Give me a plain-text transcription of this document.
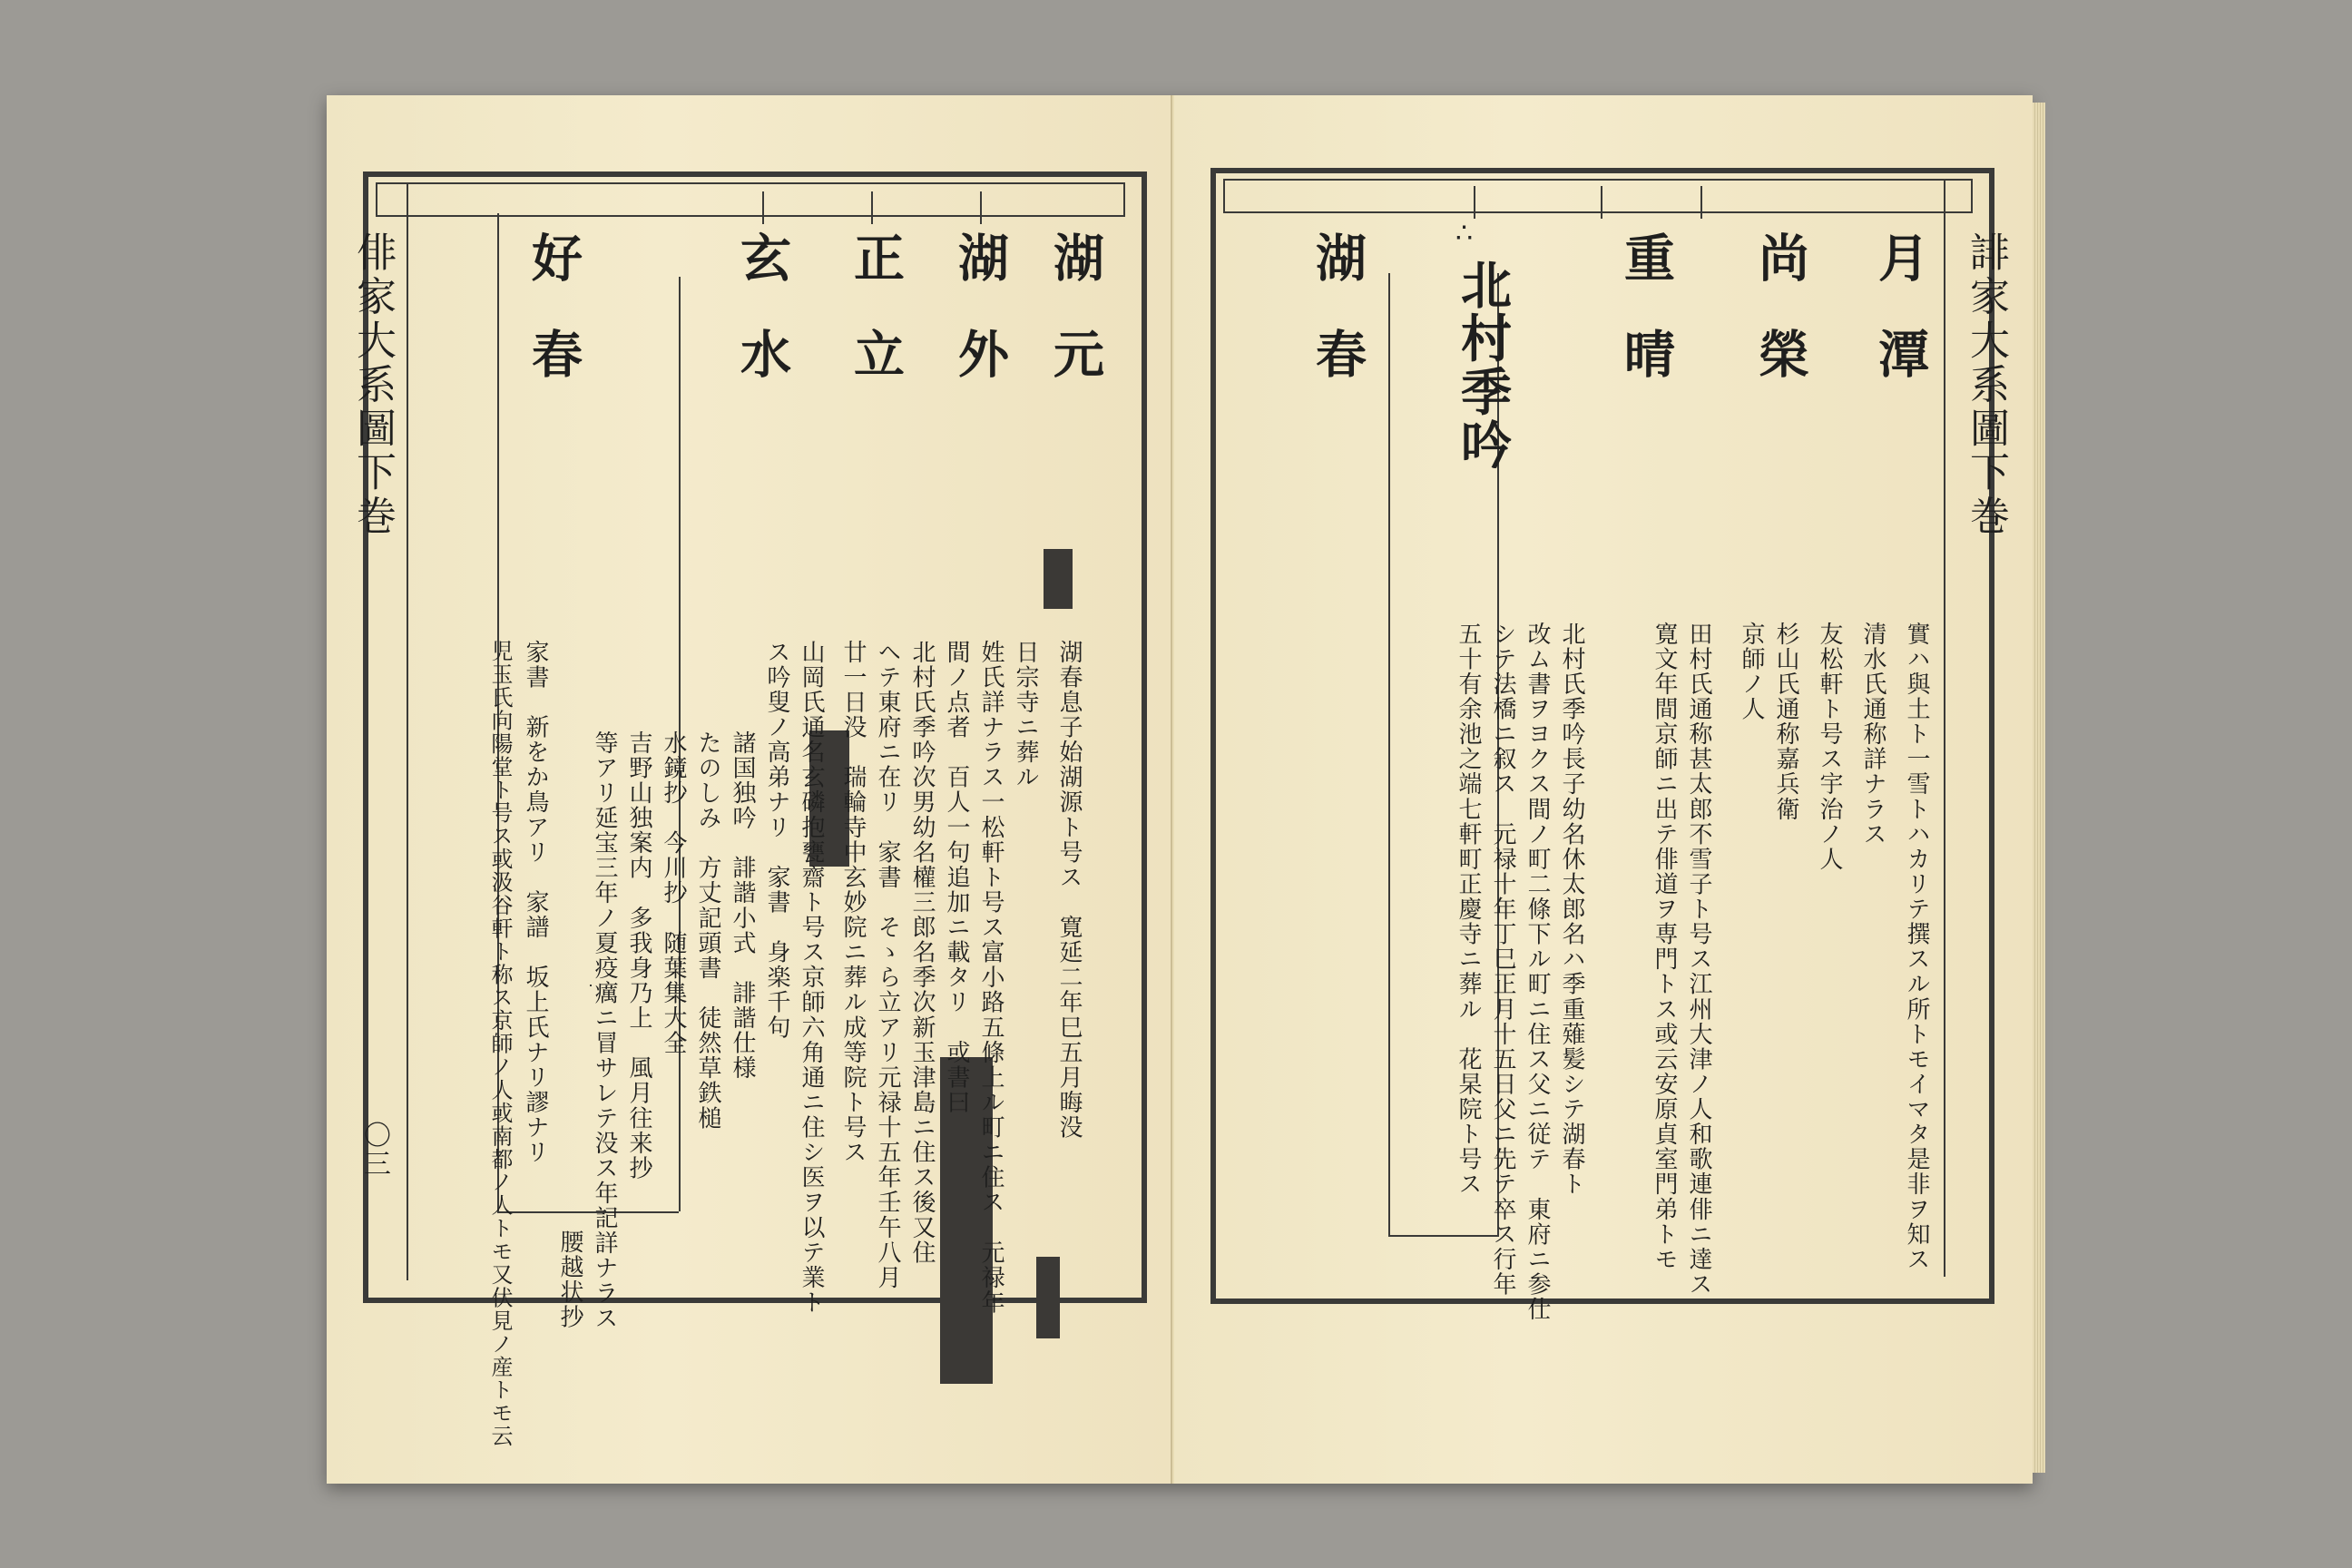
俳家大系圖下巻
〇三
湖元
湖外
正立
玄水
好春
湖春息子始湖源ト号ス　寛延二年巳五月晦没
日宗寺ニ葬ル
姓氏詳ナラス一松軒ト号ス富小路五條上ル町ニ住ス　元禄年
間ノ点者　百人一句追加ニ載タリ　或書曰
北村氏季吟次男幼名權三郎名季次新玉津島ニ住ス後又住
ヘテ東府ニ在リ　家書　そゝら立アリ元禄十五年壬午八月
廿一日没　瑞輪寺中玄妙院ニ葬ル成等院ト号ス
山岡氏通名玄磷抱甕齋ト号ス京師六角通ニ住シ医ヲ以テ業ト
ス吟叟ノ高弟ナリ　家書　身楽千句
諸国独吟　誹諧小式　誹諧仕様
たのしみ　方丈記頭書　徒然草鉄槌
水鏡抄　今川抄　随葉集大全
吉野山独案内　多我身乃上　風月往来抄
等アリ延宝三年ノ夏疫癘ニ冒サレテ没ス年記詳ナラス
腰越状抄
家書　新をか鳥アリ　家譜　坂上氏ナリ謬ナリ
児玉氏向陽堂ト号ス或汲谷軒ト称ス京師ノ人或南都ノ人トモ又伏見ノ産トモ云
誹家大系圖下巻
∴	月潭
尚榮
重晴
北村季吟
湖春
實ハ與土ト一雪トハカリテ撰スル所トモイマタ是非ヲ知ス
清水氏通称詳ナラス
友松軒ト号ス宇治ノ人
杉山氏通称嘉兵衛
京師ノ人
田村氏通称甚太郎不雪子ト号ス江州大津ノ人和歌連俳ニ達ス
寛文年間京師ニ出テ俳道ヲ専門トス或云安原貞室門弟トモ
北村氏季吟長子幼名休太郎名ハ季重薙髪シテ湖春ト
改ム書ヲヨクス間ノ町二條下ル町ニ住ス父ニ従テ　東府ニ参仕
シテ法橋ニ叙ス　元禄十年丁巳正月十五日父ニ先テ卒ス行年
五十有余池之端七軒町正慶寺ニ葬ル　花杲院ト号ス
